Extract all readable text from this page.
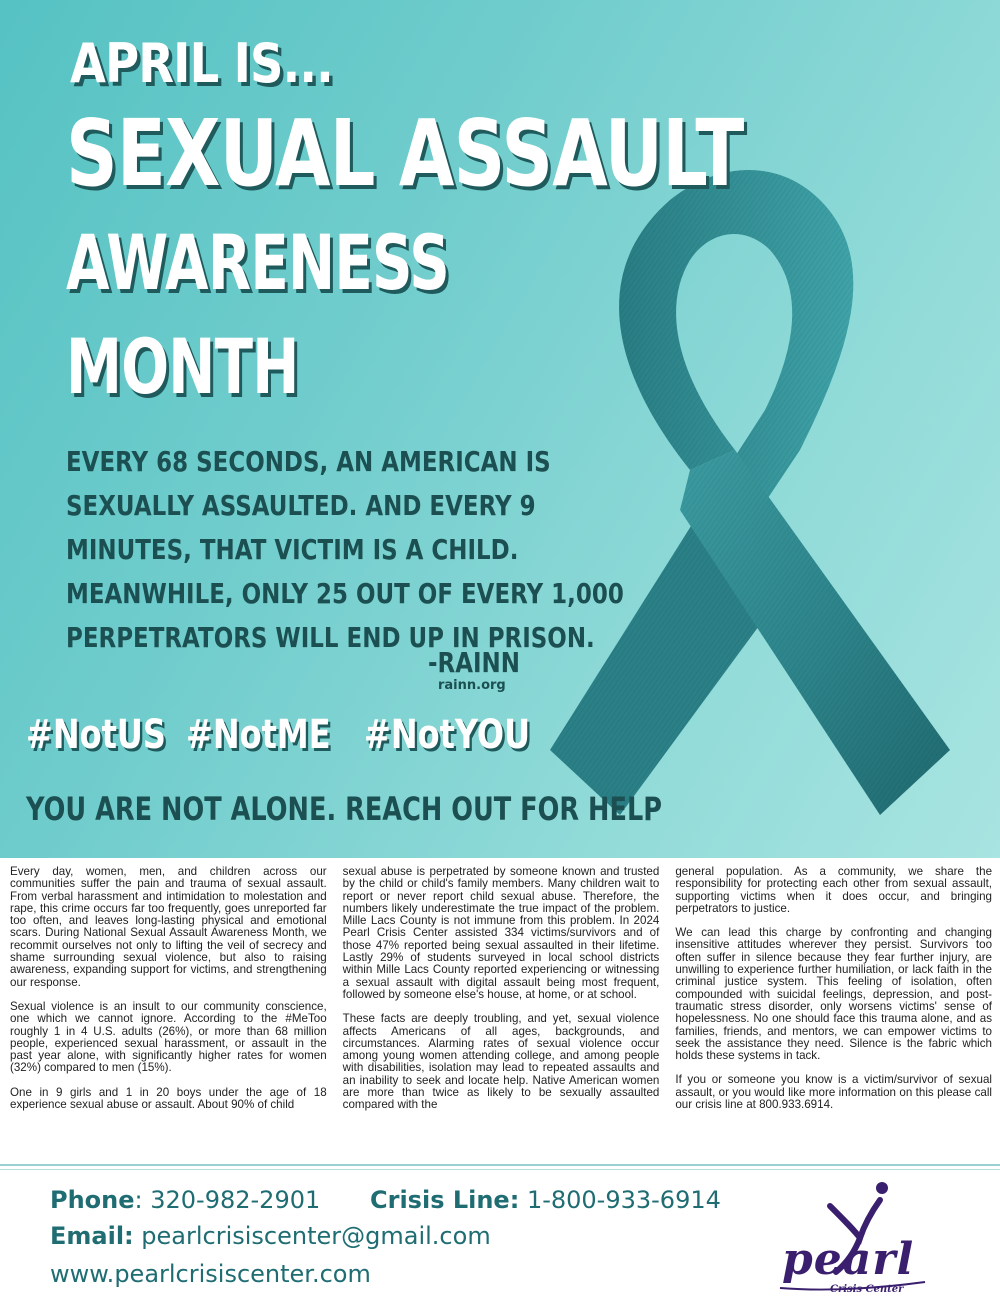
APRIL IS...
SEXUAL ASSAULT
AWARENESS
MONTH
EVERY 68 SECONDS, AN AMERICAN IS
SEXUALLY ASSAULTED. AND EVERY 9
MINUTES, THAT VICTIM IS A CHILD.
MEANWHILE, ONLY 25 OUT OF EVERY 1,000
PERPETRATORS WILL END UP IN PRISON.
-RAINN
rainn.org
#NotUS #NotME #NotYOU
YOU ARE NOT ALONE. REACH OUT FOR HELP

Every day, women, men, and children across our communities suffer the pain and trauma of sexual assault. From verbal harassment and intimidation to molestation and rape, this crime occurs far too frequently, goes unreported far too often, and leaves long-lasting physical and emotional scars. During National Sexual Assault Awareness Month, we recommit ourselves not only to lifting the veil of secrecy and shame surrounding sexual violence, but also to raising awareness, expanding support for victims, and strengthening our response.

Sexual violence is an insult to our community conscience, one which we cannot ignore. According to the #MeToo roughly 1 in 4 U.S. adults (26%), or more than 68 million people, experienced sexual harassment, or assault in the past year alone, with significantly higher rates for women (32%) compared to men (15%).

One in 9 girls and 1 in 20 boys under the age of 18 experience sexual abuse or assault. About 90% of child

sexual abuse is perpetrated by someone known and trusted by the child or child's family members. Many children wait to report or never report child sexual abuse. Therefore, the numbers likely underestimate the true impact of the problem. Mille Lacs County is not immune from this problem. In 2024 Pearl Crisis Center assisted 334 victims/survivors and of those 47% reported being sexual assaulted in their lifetime. Lastly 29% of students surveyed in local school districts within Mille Lacs County reported experiencing or witnessing a sexual assault with digital assault being most frequent, followed by someone else's house, at home, or at school.

These facts are deeply troubling, and yet, sexual violence affects Americans of all ages, backgrounds, and circumstances. Alarming rates of sexual violence occur among young women attending college, and among people with disabilities, isolation may lead to repeated assaults and an inability to seek and locate help. Native American women are more than twice as likely to be sexually assaulted compared with the

general population. As a community, we share the responsibility for protecting each other from sexual assault, supporting victims when it does occur, and bringing perpetrators to justice.

We can lead this charge by confronting and changing insensitive attitudes wherever they persist. Survivors too often suffer in silence because they fear further injury, are unwilling to experience further humiliation, or lack faith in the criminal justice system. This feeling of isolation, often compounded with suicidal feelings, depression, and post-traumatic stress disorder, only worsens victims' sense of hopelessness. No one should face this trauma alone, and as families, friends, and mentors, we can empower victims to seek the assistance they need. Silence is the fabric which holds these systems in tack.

If you or someone you know is a victim/survivor of sexual assault, or you would like more information on this please call our crisis line at 800.933.6914.

Phone: 320-982-2901 Crisis Line: 1-800-933-6914
Email: pearlcrisiscenter@gmail.com
www.pearlcrisiscenter.com	pearl
Crisis Center
